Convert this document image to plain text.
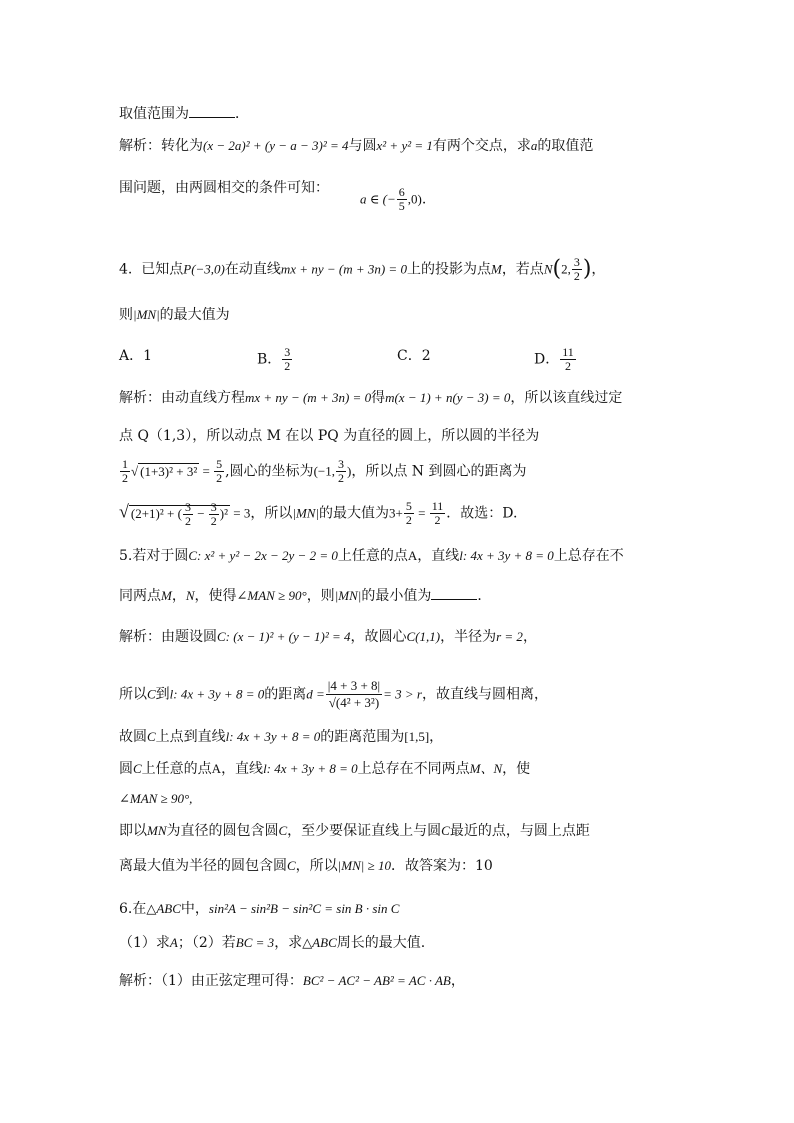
取值范围为	．
解析：转化为(x − 2a)² + (y − a − 3)² = 4与圆x² + y² = 1有两个交点，求a的取值范
围问题，由两圆相交的条件可知：
a ∈ (− $\frac{6}{5} ,0$).
4. 已知点P(−3,0)在动直线mx + ny − (m + 3n) = 0上的投影为点M，若点N(2, $\frac{3}{2}$ )，
则|MN|的最大值为
A．1	B． $\frac{3}{2}$	C．2	D． $\frac{11}{2}$
解析：由动直线方程mx + ny − (m + 3n) = 0得m(x − 1) + n(y − 3) = 0，所以该直线过定
点 Q（1,3），所以动点 M 在以 PQ 为直径的圆上，所以圆的半径为
$\frac{1}{2}$ √ $(1+3)^2 + 3^2 = \frac{5}{2}$ ,圆心的坐标为(−1, $\frac{3}{2}$ )，所以点 N 到圆心的距离为
√ (2+1)² + ( $\frac{3}{2} - \frac{3}{2} )^2 = 3$，所以|MN|的最大值为$3+ \frac{5}{2} = \frac{11}{2}$ ．故选：D.
5.若对于圆C: x² + y² − 2x − 2y − 2 = 0上任意的点A，直线l: 4x + 3y + 8 = 0上总存在不
同两点M，N，使得∠MAN ≥ 90°，则|MN|的最小值为	．
解析：由题设圆C: (x − 1)² + (y − 1)² = 4，故圆心C(1,1)，半径为r = 2，
所以C到l: 4x + 3y + 8 = 0的距离$d = \frac{|4 + 3 + 8|}{\text{√(4² + 3²)}} = 3 > r$，故直线与圆相离，
故圆C上点到直线l: 4x + 3y + 8 = 0的距离范围为[1,5]，
圆C上任意的点A，直线l: 4x + 3y + 8 = 0上总存在不同两点M、N，使
∠MAN ≥ 90°,
即以MN为直径的圆包含圆C，至少要保证直线上与圆C最近的点，与圆上点距
离最大值为半径的圆包含圆C，所以|MN| ≥ 10．故答案为：10
6.在△ABC中，sin²A − sin²B − sin²C = sin B · sin C
（1）求A；（2）若BC = 3，求△ABC周长的最大值.
解析：（1）由正弦定理可得：BC² − AC² − AB² = AC · AB，
